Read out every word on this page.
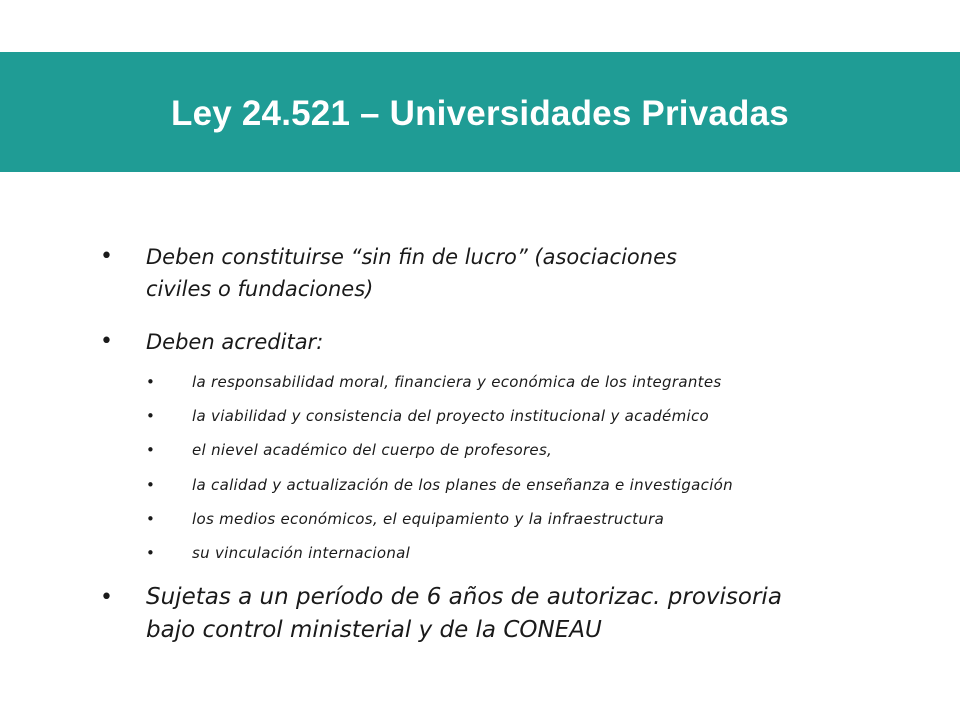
Ley 24.521 – Universidades Privadas
• Deben constituirse “sin fin de lucro” (asociaciones
civiles o fundaciones)
• Deben acreditar:
• la responsabilidad moral, financiera y económica de los integrantes
• la viabilidad y consistencia del proyecto institucional y académico
• el nievel académico del cuerpo de profesores,
• la calidad y actualización de los planes de enseñanza e investigación
• los medios económicos, el equipamiento y la infraestructura
• su vinculación internacional
• Sujetas a un período de 6 años de autorizac. provisoria
bajo control ministerial y de la CONEAU
